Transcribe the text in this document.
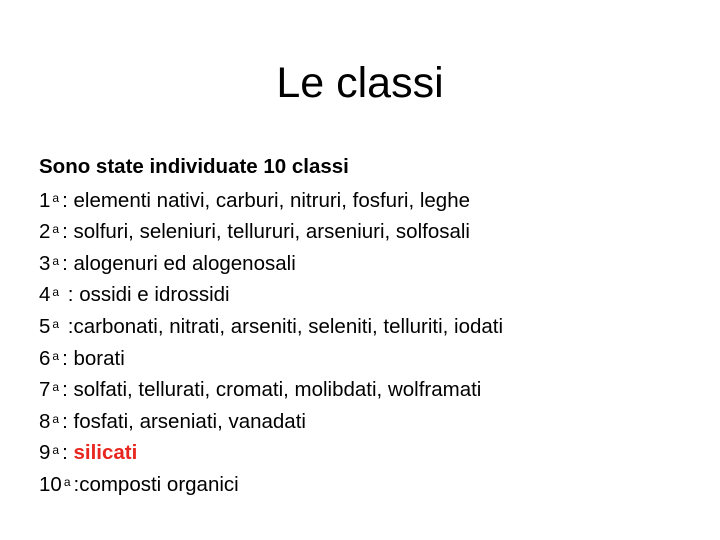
Le classi
Sono state individuate 10 classi
1 a : elementi nativi, carburi, nitruri, fosfuri, leghe
2 a : solfuri, seleniuri, tellururi, arseniuri, solfosali
3 a : alogenuri ed alogenosali
4 a : ossidi e idrossidi
5 a :carbonati, nitrati, arseniti, seleniti, telluriti, iodati
6 a : borati
7 a : solfati, tellurati, cromati, molibdati, wolframati
8 a : fosfati, arseniati, vanadati
9 a : silicati
10 a :composti organici
